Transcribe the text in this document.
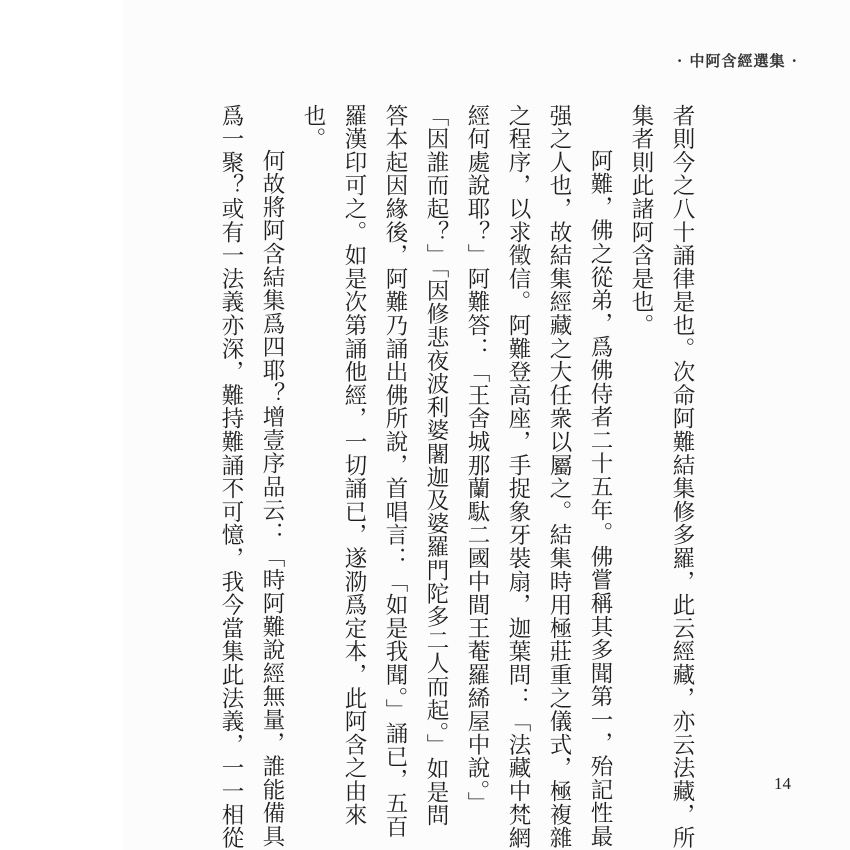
· 中阿含經選集 ·
者則今之八十誦律是也。次命阿難結集修多羅，此云經藏，亦云法藏，所
集者則此諸阿含是也。
阿難，佛之從弟，爲佛侍者二十五年。佛嘗稱其多聞第一，殆記性最
强之人也，故結集經藏之大任衆以屬之。結集時用極莊重之儀式，極複雜
之程序，以求徵信。阿難登高座，手捉象牙裝扇，迦葉問：「法藏中梵網
經何處說耶？」阿難答：「王舍城那蘭駄二國中間王菴羅絺屋中說。」
「因誰而起？」「因修悲夜波利婆闍迦及婆羅門陀多二人而起。」如是問
答本起因緣後，阿難乃誦出佛所說，首唱言：「如是我聞。」誦已，五百
羅漢印可之。如是次第誦他經，一切誦已，遂泐爲定本，此阿含之由來
也。
何故將阿含結集爲四耶？增壹序品云：「時阿難說經無量，誰能備具
爲一聚？或有一法義亦深，難持難誦不可憶，我今當集此法義，一一相從	14
